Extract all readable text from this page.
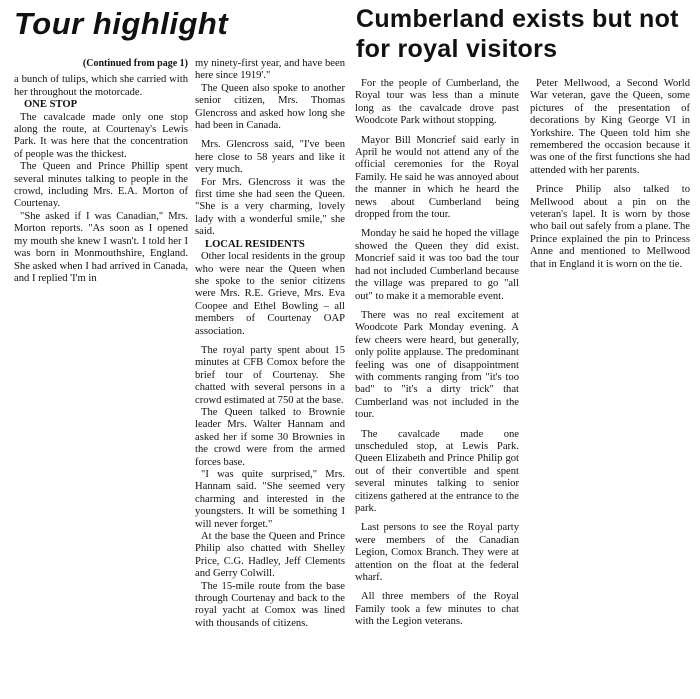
Tour highlight	Cumberland exists but not for royal visitors
(Continued from page 1)

a bunch of tulips, which she carried with her throughout the motorcade.

ONE STOP

The cavalcade made only one stop along the route, at Courtenay's Lewis Park. It was here that the concentration of people was the thickest.

The Queen and Prince Phillip spent several minutes talking to people in the crowd, including Mrs. E.A. Morton of Courtenay.

"She asked if I was Canadian," Mrs. Morton reports. "As soon as I opened my mouth she knew I wasn't. I told her I was born in Monmouthshire, England. She asked when I had arrived in Canada, and I replied 'I'm in

my ninety-first year, and have been here since 1919'."

The Queen also spoke to another senior citizen, Mrs. Thomas Glencross and asked how long she had been in Canada.

Mrs. Glencross said, "I've been here close to 58 years and like it very much.

For Mrs. Glencross it was the first time she had seen the Queen. "She is a very charming, lovely lady with a wonderful smile," she said.

LOCAL RESIDENTS

Other local residents in the group who were near the Queen when she spoke to the senior citizens were Mrs. R.E. Grieve, Mrs. Eva Coopee and Ethel Bowling – all members of Courtenay OAP association.

The royal party spent about 15 minutes at CFB Comox before the brief tour of Courtenay. She chatted with several persons in a crowd estimated at 750 at the base.

The Queen talked to Brownie leader Mrs. Walter Hannam and asked her if some 30 Brownies in the crowd were from the armed forces base.

"I was quite surprised," Mrs. Hannam said. "She seemed very charming and interested in the youngsters. It will be something I will never forget."

At the base the Queen and Prince Philip also chatted with Shelley Price, C.G. Hadley, Jeff Clements and Gerry Colwill.

The 15-mile route from the base through Courtenay and back to the royal yacht at Comox was lined with thousands of citizens.

For the people of Cumberland, the Royal tour was less than a minute long as the cavalcade drove past Woodcote Park without stopping.

Mayor Bill Moncrief said early in April he would not attend any of the official ceremonies for the Royal Family. He said he was annoyed about the manner in which he heard the news about Cumberland being dropped from the tour.

Monday he said he hoped the village showed the Queen they did exist. Moncrief said it was too bad the tour had not included Cumberland because the village was prepared to go "all out" to make it a memorable event.

There was no real excitement at Woodcote Park Monday evening. A few cheers were heard, but generally, only polite applause. The predominant feeling was one of disappointment with comments ranging from "it's too bad" to "it's a dirty trick" that Cumberland was not included in the tour.

The cavalcade made one unscheduled stop, at Lewis Park. Queen Elizabeth and Prince Philip got out of their convertible and spent several minutes talking to senior citizens gathered at the entrance to the park.

Last persons to see the Royal party were members of the Canadian Legion, Comox Branch. They were at attention on the float at the federal wharf.

All three members of the Royal Family took a few minutes to chat with the Legion veterans.

Peter Mellwood, a Second World War veteran, gave the Queen, some pictures of the presentation of decorations by King George VI in Yorkshire. The Queen told him she remembered the occasion because it was one of the first functions she had attended with her parents.

Prince Philip also talked to Mellwood about a pin on the veteran's lapel. It is worn by those who bail out safely from a plane. The Prince explained the pin to Princess Anne and mentioned to Mellwood that in England it is worn on the tie.
